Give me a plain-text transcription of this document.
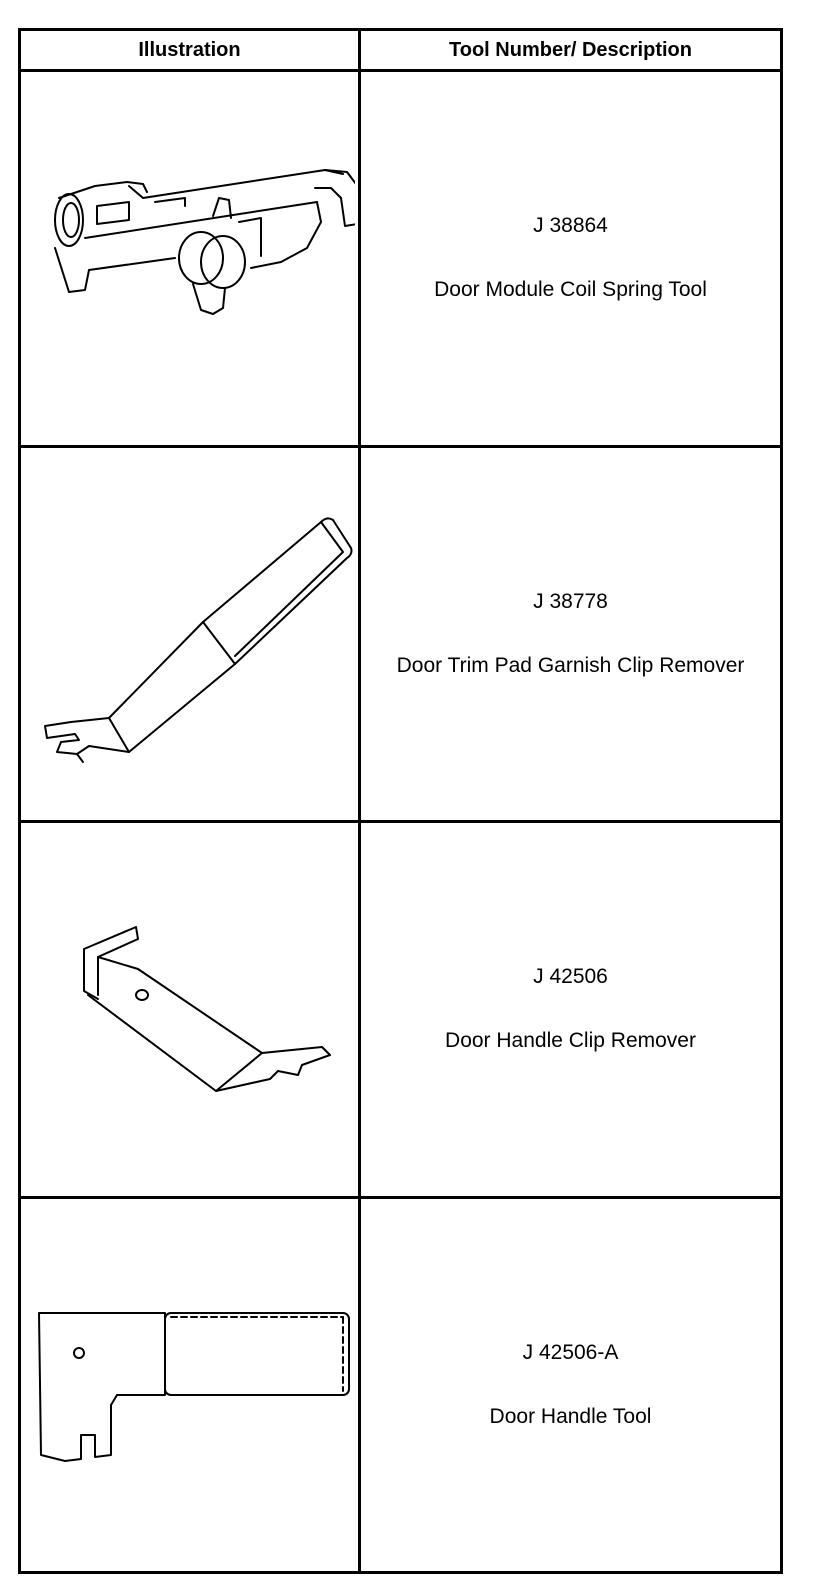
Illustration	Tool Number/ Description

J 38864
Door Module Coil Spring Tool

J 38778
Door Trim Pad Garnish Clip Remover

J 42506
Door Handle Clip Remover

J 42506-A
Door Handle Tool
